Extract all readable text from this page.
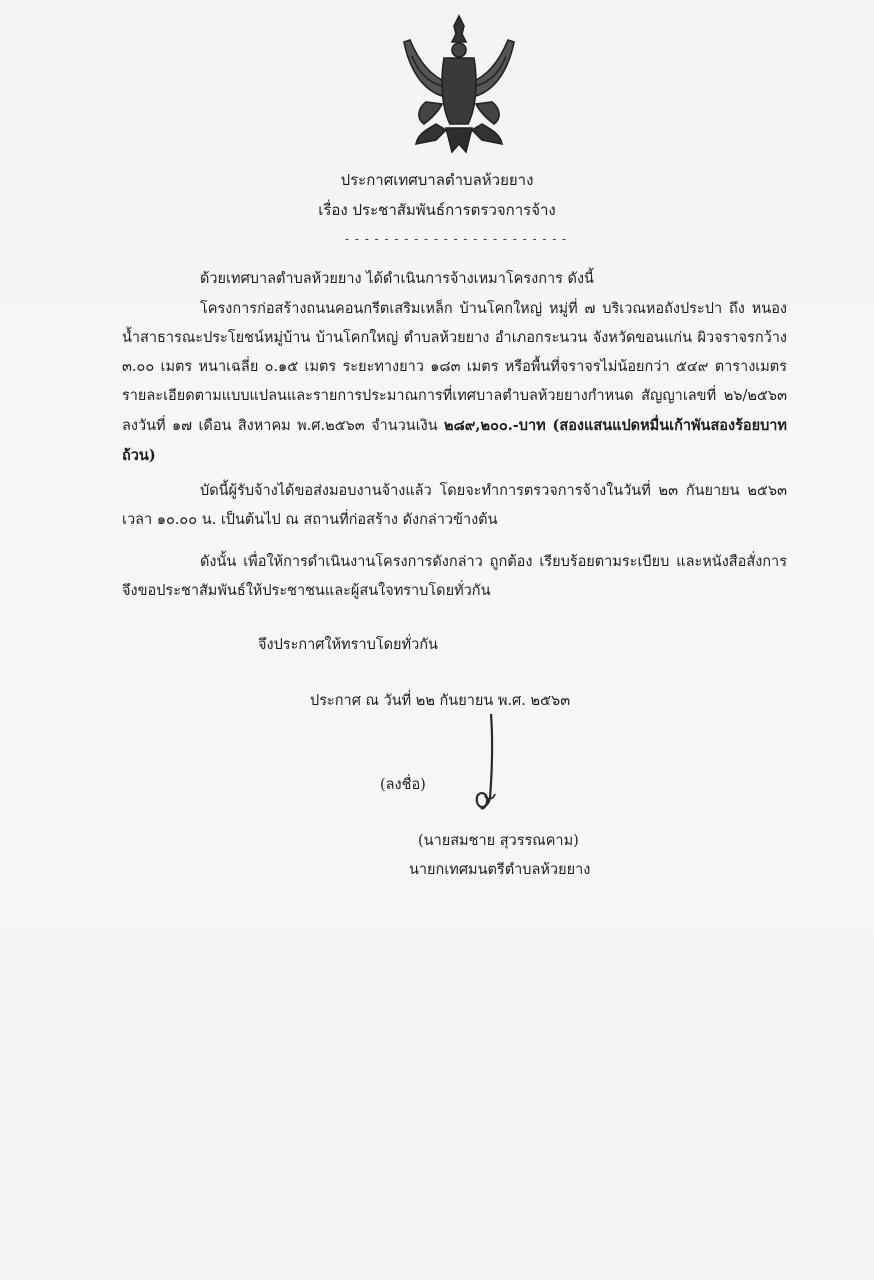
ประกาศเทศบาลตำบลห้วยยาง
เรื่อง ประชาสัมพันธ์การตรวจการจ้าง
- - - - - - - - - - - - - - - - - - - - - - -
ด้วยเทศบาลตำบลห้วยยาง ได้ดำเนินการจ้างเหมาโครงการ ดังนี้
โครงการก่อสร้างถนนคอนกรีตเสริมเหล็ก บ้านโคกใหญ่ หมู่ที่ ๗ บริเวณหอถังประปา ถึง หนองน้ำสาธารณะประโยชน์หมู่บ้าน บ้านโคกใหญ่ ตำบลห้วยยาง อำเภอกระนวน จังหวัดขอนแก่น ผิวจราจรกว้าง ๓.๐๐ เมตร หนาเฉลี่ย ๐.๑๕ เมตร ระยะทางยาว ๑๘๓ เมตร หรือพื้นที่จราจรไม่น้อยกว่า ๕๔๙ ตารางเมตร รายละเอียดตามแบบแปลนและรายการประมาณการที่เทศบาลตำบลห้วยยางกำหนด สัญญาเลขที่ ๒๖/๒๕๖๓ ลงวันที่ ๑๗ เดือน สิงหาคม พ.ศ.๒๕๖๓ จำนวนเงิน ๒๘๙,๒๐๐.-บาท (สองแสนแปดหมื่นเก้าพันสองร้อยบาทถ้วน)
บัดนี้ผู้รับจ้างได้ขอส่งมอบงานจ้างแล้ว โดยจะทำการตรวจการจ้างในวันที่ ๒๓ กันยายน ๒๕๖๓ เวลา ๑๐.๐๐ น. เป็นต้นไป ณ สถานที่ก่อสร้าง ดังกล่าวข้างต้น
ดังนั้น เพื่อให้การดำเนินงานโครงการดังกล่าว ถูกต้อง เรียบร้อยตามระเบียบ และหนังสือสั่งการจึงขอประชาสัมพันธ์ให้ประชาชนและผู้สนใจทราบโดยทั่วกัน
จึงประกาศให้ทราบโดยทั่วกัน
ประกาศ ณ วันที่ ๒๒ กันยายน พ.ศ. ๒๕๖๓
(ลงชื่อ)
(นายสมชาย สุวรรณคาม)
นายกเทศมนตรีตำบลห้วยยาง
